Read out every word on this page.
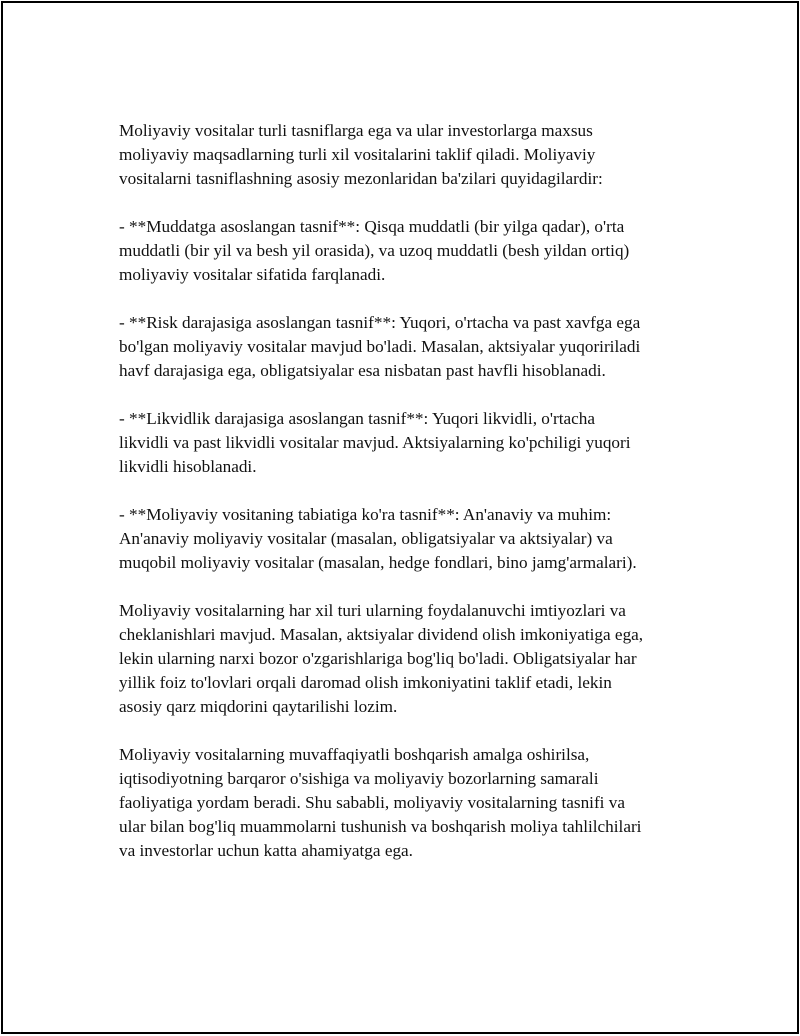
Moliyaviy vositalar turli tasniflarga ega va ular investorlarga maxsus
moliyaviy maqsadlarning turli xil vositalarini taklif qiladi. Moliyaviy
vositalarni tasniflashning asosiy mezonlaridan ba'zilari quyidagilardir:

- **Muddatga asoslangan tasnif**: Qisqa muddatli (bir yilga qadar), o'rta
muddatli (bir yil va besh yil orasida), va uzoq muddatli (besh yildan ortiq)
moliyaviy vositalar sifatida farqlanadi.

- **Risk darajasiga asoslangan tasnif**: Yuqori, o'rtacha va past xavfga ega
bo'lgan moliyaviy vositalar mavjud bo'ladi. Masalan, aktsiyalar yuqoririladi
havf darajasiga ega, obligatsiyalar esa nisbatan past havfli hisoblanadi.

- **Likvidlik darajasiga asoslangan tasnif**: Yuqori likvidli, o'rtacha
likvidli va past likvidli vositalar mavjud. Aktsiyalarning ko'pchiligi yuqori
likvidli hisoblanadi.

- **Moliyaviy vositaning tabiatiga ko'ra tasnif**: An'anaviy va muhim:
An'anaviy moliyaviy vositalar (masalan, obligatsiyalar va aktsiyalar) va
muqobil moliyaviy vositalar (masalan, hedge fondlari, bino jamg'armalari).

Moliyaviy vositalarning har xil turi ularning foydalanuvchi imtiyozlari va
cheklanishlari mavjud. Masalan, aktsiyalar dividend olish imkoniyatiga ega,
lekin ularning narxi bozor o'zgarishlariga bog'liq bo'ladi. Obligatsiyalar har
yillik foiz to'lovlari orqali daromad olish imkoniyatini taklif etadi, lekin
asosiy qarz miqdorini qaytarilishi lozim.

Moliyaviy vositalarning muvaffaqiyatli boshqarish amalga oshirilsa,
iqtisodiyotning barqaror o'sishiga va moliyaviy bozorlarning samarali
faoliyatiga yordam beradi. Shu sababli, moliyaviy vositalarning tasnifi va
ular bilan bog'liq muammolarni tushunish va boshqarish moliya tahlilchilari
va investorlar uchun katta ahamiyatga ega.
